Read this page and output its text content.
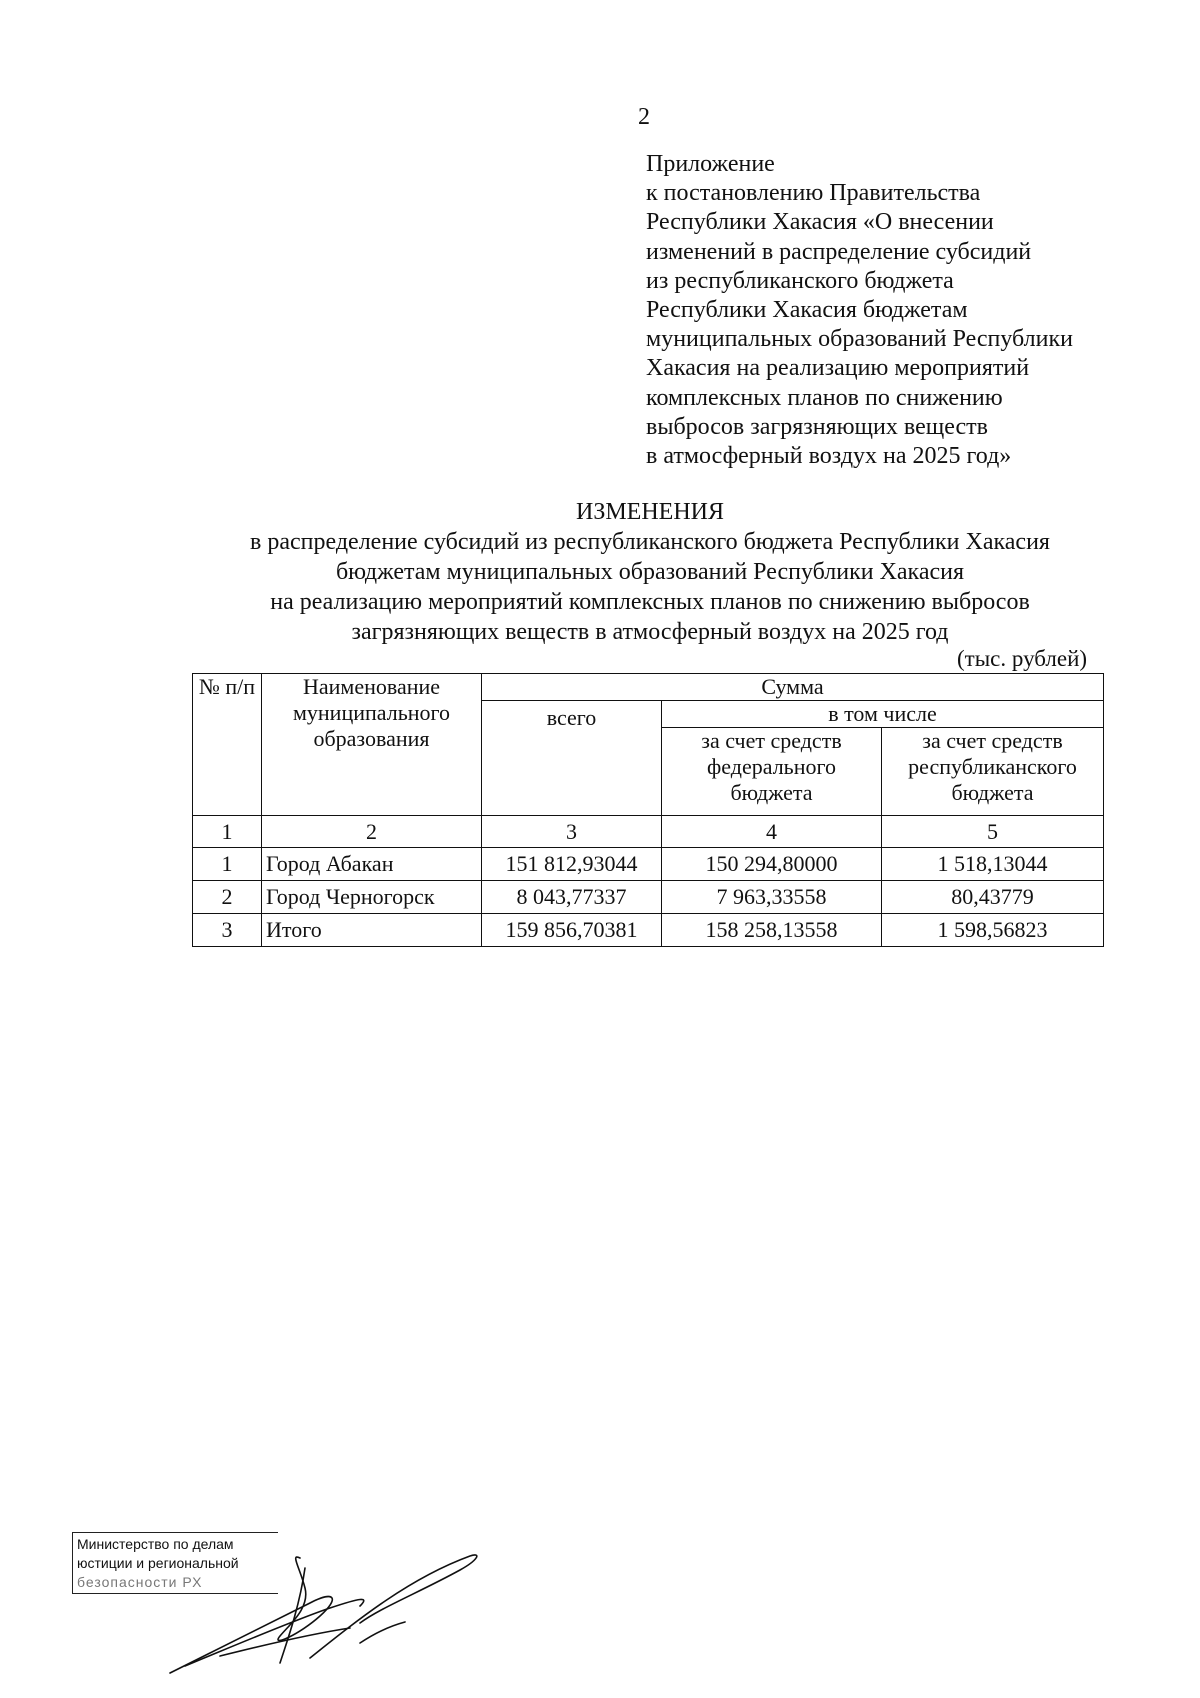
2
Приложение
к постановлению Правительства
Республики Хакасия «О внесении
изменений в распределение субсидий
из республиканского бюджета
Республики Хакасия бюджетам
муниципальных образований Республики
Хакасия на реализацию мероприятий
комплексных планов по снижению
выбросов загрязняющих веществ
в атмосферный воздух на 2025 год»
ИЗМЕНЕНИЯ
в распределение субсидий из республиканского бюджета Республики Хакасия
бюджетам муниципальных образований Республики Хакасия
на реализацию мероприятий комплексных планов по снижению выбросов
загрязняющих веществ в атмосферный воздух на 2025 год
(тыс. рублей)
№ п/п	Наименование муниципального образования	Сумма		
		всего	в том числе	
			за счет средств федерального бюджета	за счет средств республиканского бюджета
1	2	3	4	5
1	Город Абакан	151 812,93044	150 294,80000	1 518,13044
2	Город Черногорск	8 043,77337	7 963,33558	80,43779
3	Итого	159 856,70381	158 258,13558	1 598,56823
Министерство по делам
юстиции и региональной
безопасности РХ
